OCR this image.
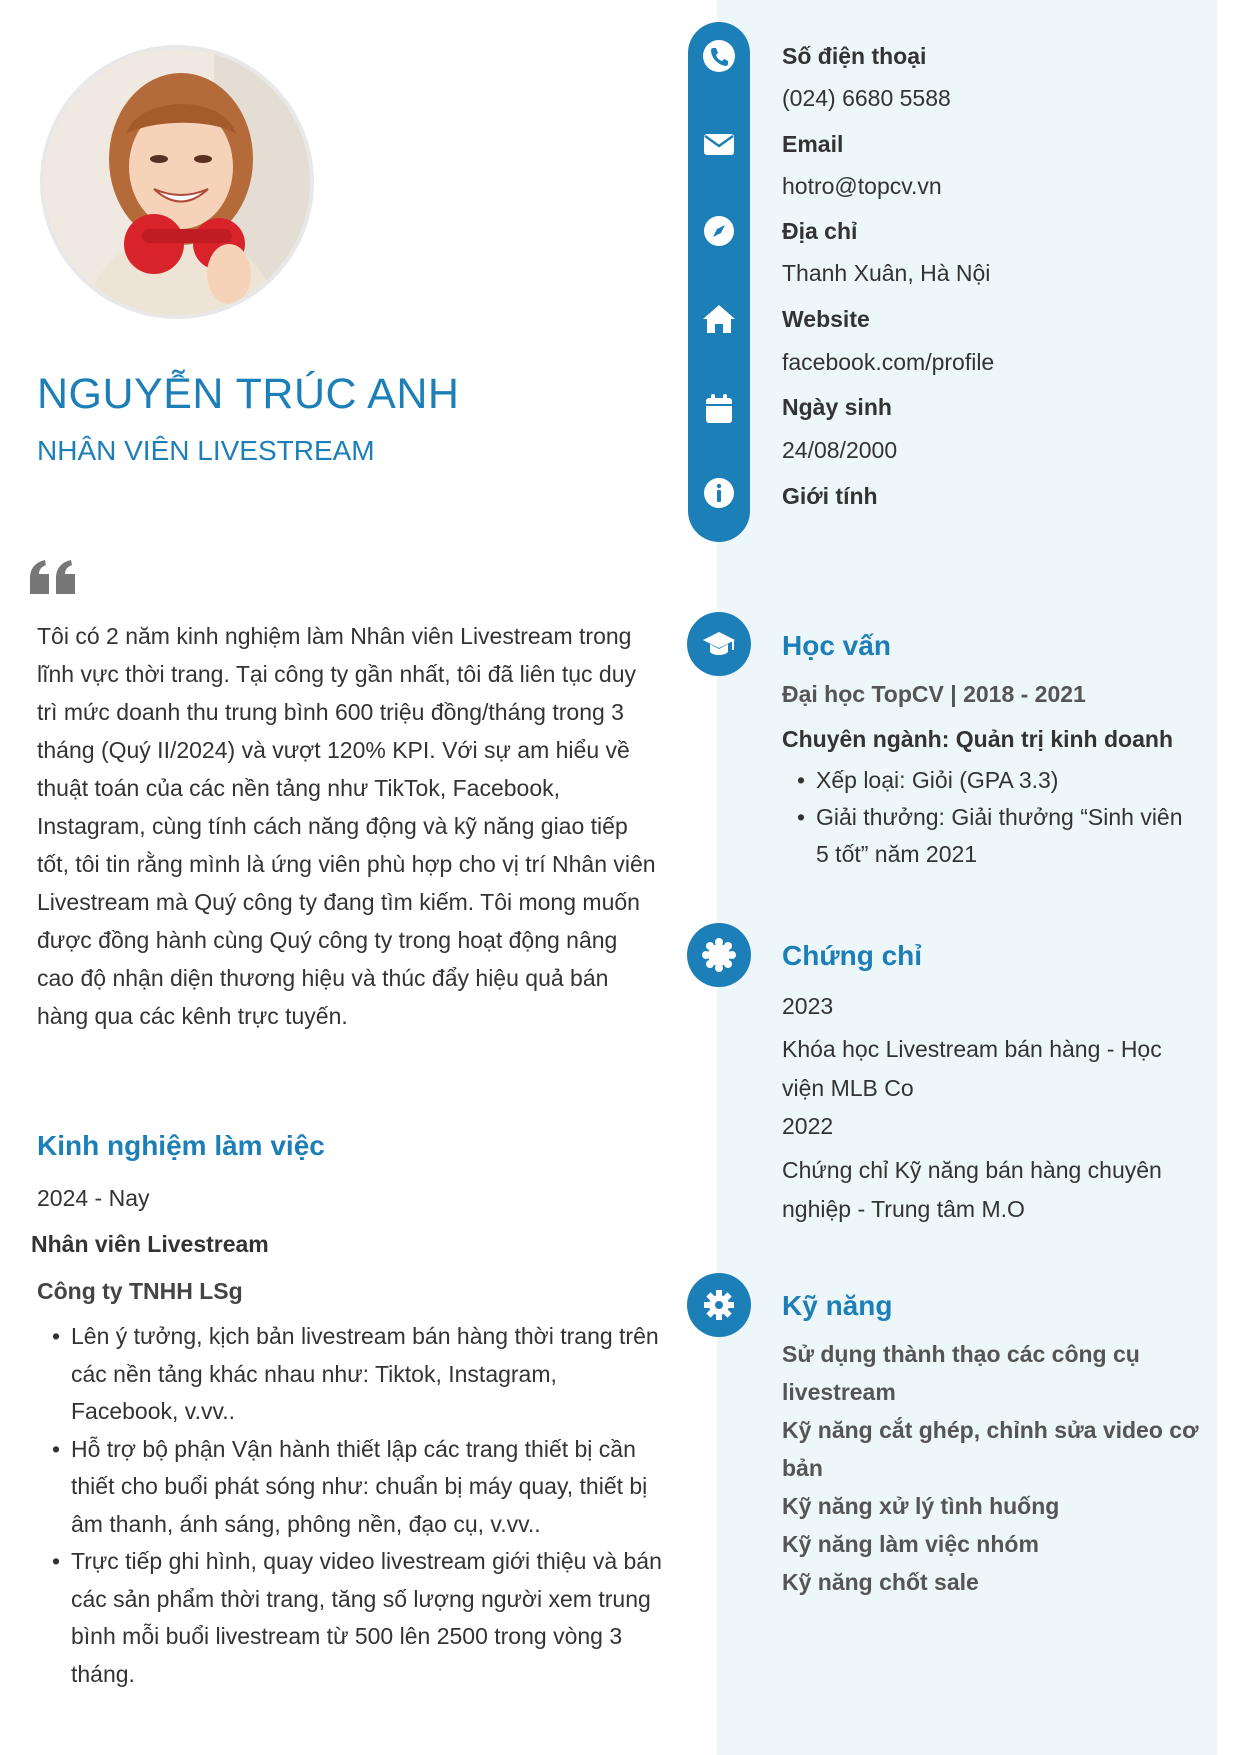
NGUYỄN TRÚC ANH
NHÂN VIÊN LIVESTREAM
Tôi có 2 năm kinh nghiệm làm Nhân viên Livestream trong lĩnh vực thời trang. Tại công ty gần nhất, tôi đã liên tục duy trì mức doanh thu trung bình 600 triệu đồng/tháng trong 3 tháng (Quý II/2024) và vượt 120% KPI. Với sự am hiểu về thuật toán của các nền tảng như TikTok, Facebook, Instagram, cùng tính cách năng động và kỹ năng giao tiếp tốt, tôi tin rằng mình là ứng viên phù hợp cho vị trí Nhân viên Livestream mà Quý công ty đang tìm kiếm. Tôi mong muốn được đồng hành cùng Quý công ty trong hoạt động nâng cao độ nhận diện thương hiệu và thúc đẩy hiệu quả bán hàng qua các kênh trực tuyến.
Kinh nghiệm làm việc
2024 - Nay
Nhân viên Livestream
Công ty TNHH LSg
• Lên ý tưởng, kịch bản livestream bán hàng thời trang trên các nền tảng khác nhau như: Tiktok, Instagram, Facebook, v.vv..
• Hỗ trợ bộ phận Vận hành thiết lập các trang thiết bị cần thiết cho buổi phát sóng như: chuẩn bị máy quay, thiết bị âm thanh, ánh sáng, phông nền, đạo cụ, v.vv..
• Trực tiếp ghi hình, quay video livestream giới thiệu và bán các sản phẩm thời trang, tăng số lượng người xem trung bình mỗi buổi livestream từ 500 lên 2500 trong vòng 3 tháng.
Số điện thoại
(024) 6680 5588
Email
hotro@topcv.vn
Địa chỉ
Thanh Xuân, Hà Nội
Website
facebook.com/profile
Ngày sinh
24/08/2000
Giới tính
Học vấn
Đại học TopCV | 2018 - 2021
Chuyên ngành: Quản trị kinh doanh
• Xếp loại: Giỏi (GPA 3.3)
• Giải thưởng: Giải thưởng “Sinh viên 5 tốt” năm 2021
Chứng chỉ
2023
Khóa học Livestream bán hàng - Học viện MLB Co
2022
Chứng chỉ Kỹ năng bán hàng chuyên nghiệp - Trung tâm M.O
Kỹ năng
Sử dụng thành thạo các công cụ livestream
Kỹ năng cắt ghép, chỉnh sửa video cơ bản
Kỹ năng xử lý tình huống
Kỹ năng làm việc nhóm
Kỹ năng chốt sale
